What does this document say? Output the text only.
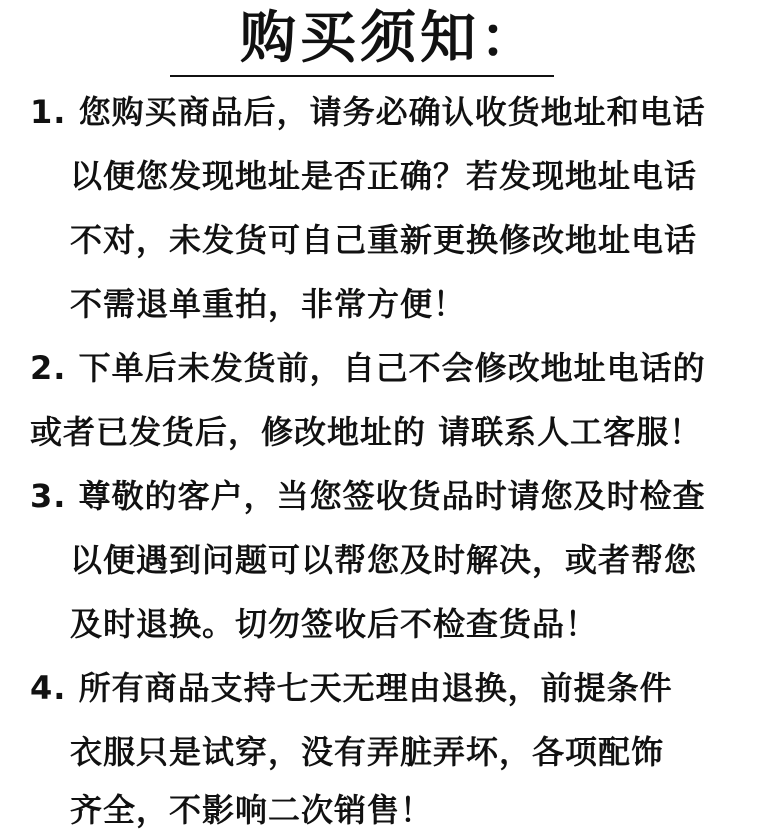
购买须知：
1. 您购买商品后，请务必确认收货地址和电话
以便您发现地址是否正确？若发现地址电话
不对，未发货可自己重新更换修改地址电话
不需退单重拍，非常方便！
2. 下单后未发货前，自己不会修改地址电话的
或者已发货后，修改地址的 请联系人工客服！
3. 尊敬的客户，当您签收货品时请您及时检查
以便遇到问题可以帮您及时解决，或者帮您
及时退换。切勿签收后不检查货品！
4. 所有商品支持七天无理由退换，前提条件
衣服只是试穿，没有弄脏弄坏，各项配饰
齐全，不影响二次销售！
